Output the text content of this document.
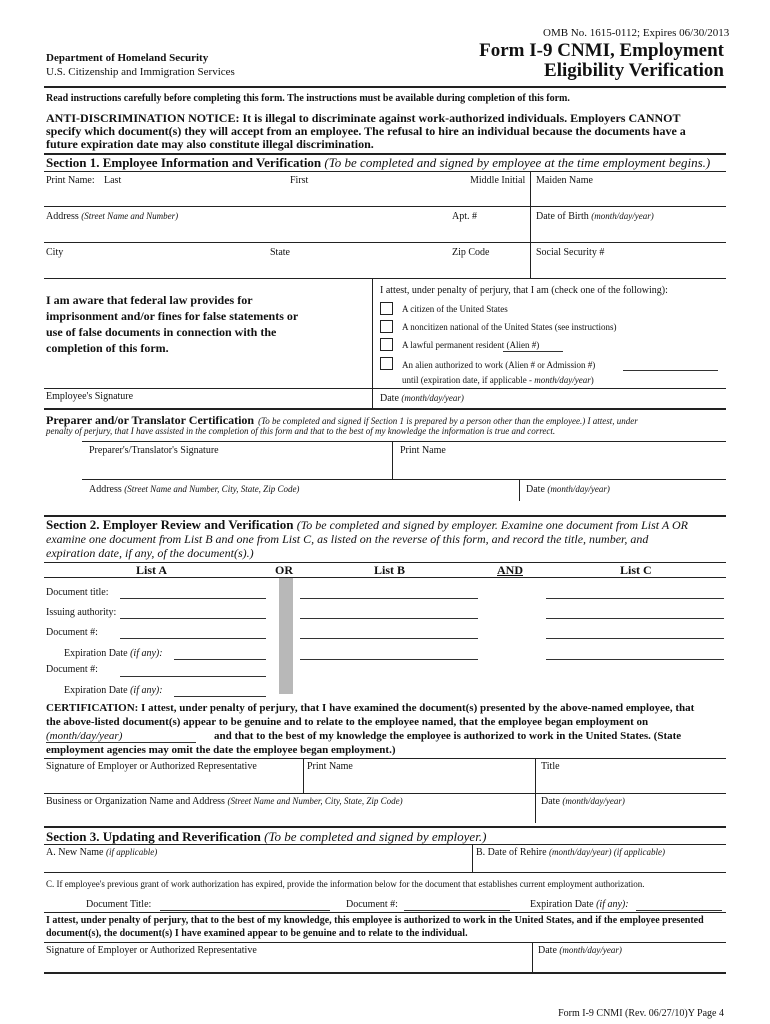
OMB No. 1615-0112; Expires 06/30/2013
Department of Homeland Security
U.S. Citizenship and Immigration Services
Form I-9 CNMI, Employment
Eligibility Verification
Read instructions carefully before completing this form. The instructions must be available during completion of this form.
ANTI-DISCRIMINATION NOTICE: It is illegal to discriminate against work-authorized individuals. Employers CANNOT
specify which document(s) they will accept from an employee. The refusal to hire an individual because the documents have a
future expiration date may also constitute illegal discrimination.
Section 1. Employee Information and Verification (To be completed and signed by employee at the time employment begins.)
Print Name: Last	First	Middle Initial Maiden Name
Address (Street Name and Number)	Apt. #	Date of Birth (month/day/year)
City	State	Zip Code	Social Security #
I am aware that federal law provides for
imprisonment and/or fines for false statements or
use of false documents in connection with the
completion of this form.
I attest, under penalty of perjury, that I am (check one of the following):
A citizen of the United States
A noncitizen national of the United States (see instructions)
A lawful permanent resident (Alien #)
An alien authorized to work (Alien # or Admission #)
until (expiration date, if applicable - month/day/year)
Employee's Signature	Date (month/day/year)
Preparer and/or Translator Certification (To be completed and signed if Section 1 is prepared by a person other than the employee.) I attest, under
penalty of perjury, that I have assisted in the completion of this form and that to the best of my knowledge the information is true and correct.
Preparer's/Translator's Signature	Print Name
Address (Street Name and Number, City, State, Zip Code)	Date (month/day/year)
Section 2. Employer Review and Verification (To be completed and signed by employer. Examine one document from List A OR
examine one document from List B and one from List C, as listed on the reverse of this form, and record the title, number, and
expiration date, if any, of the document(s).)
List A	OR	List B	AND	List C
Document title:
Issuing authority:
Document #:
Expiration Date (if any):
Document #:
Expiration Date (if any):
CERTIFICATION: I attest, under penalty of perjury, that I have examined the document(s) presented by the above-named employee, that
the above-listed document(s) appear to be genuine and to relate to the employee named, that the employee began employment on
(month/day/year)	and that to the best of my knowledge the employee is authorized to work in the United States. (State
employment agencies may omit the date the employee began employment.)
Signature of Employer or Authorized Representative	Print Name	Title
Business or Organization Name and Address (Street Name and Number, City, State, Zip Code)	Date (month/day/year)
Section 3. Updating and Reverification (To be completed and signed by employer.)
A. New Name (if applicable)	B. Date of Rehire (month/day/year) (if applicable)
C. If employee's previous grant of work authorization has expired, provide the information below for the document that establishes current employment authorization.
Document Title:	Document #:	Expiration Date (if any):
I attest, under penalty of perjury, that to the best of my knowledge, this employee is authorized to work in the United States, and if the employee presented
document(s), the document(s) I have examined appear to be genuine and to relate to the individual.
Signature of Employer or Authorized Representative	Date (month/day/year)
Form I-9 CNMI (Rev. 06/27/10)Y Page 4
